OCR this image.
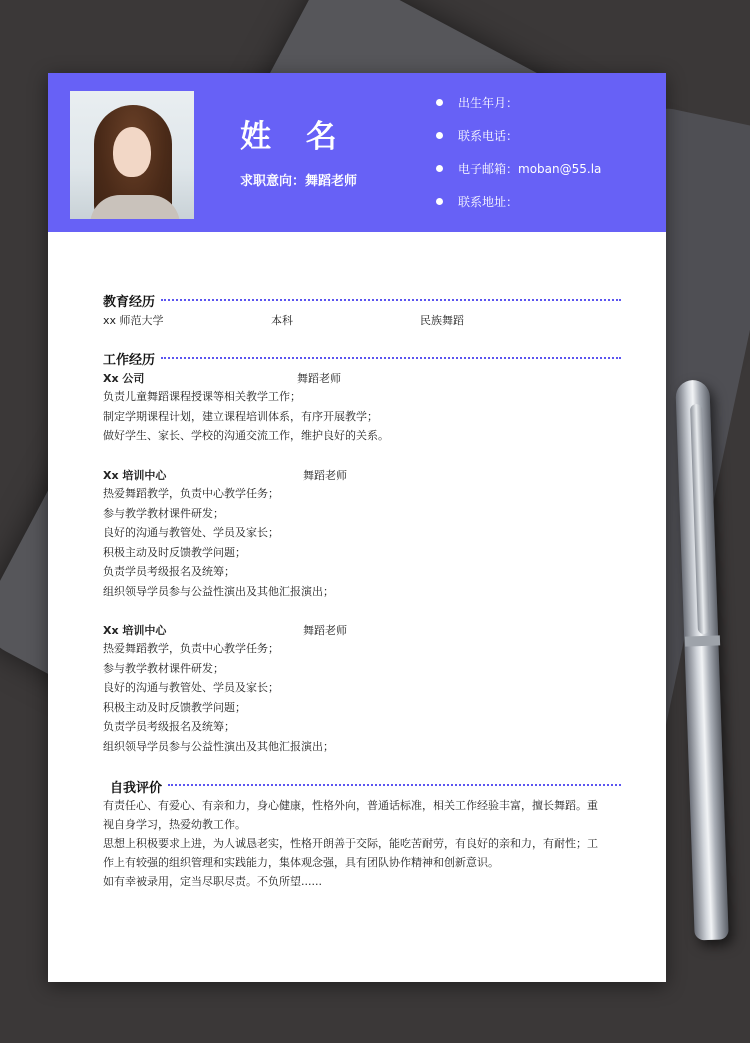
姓 名
求职意向：舞蹈老师
出生年月：
联系电话：
电子邮箱：moban@55.la
联系地址：
教育经历
xx 师范大学	本科	民族舞蹈
工作经历
Xx 公司	舞蹈老师
负责儿童舞蹈课程授课等相关教学工作；
制定学期课程计划，建立课程培训体系，有序开展教学；
做好学生、家长、学校的沟通交流工作，维护良好的关系。
Xx 培训中心	舞蹈老师
热爱舞蹈教学，负责中心教学任务；
参与教学教材课件研发；
良好的沟通与教管处、学员及家长；
积极主动及时反馈教学问题；
负责学员考级报名及统筹；
组织领导学员参与公益性演出及其他汇报演出；
Xx 培训中心	舞蹈老师
热爱舞蹈教学，负责中心教学任务；
参与教学教材课件研发；
良好的沟通与教管处、学员及家长；
积极主动及时反馈教学问题；
负责学员考级报名及统筹；
组织领导学员参与公益性演出及其他汇报演出；
自我评价
有责任心、有爱心、有亲和力，身心健康，性格外向，普通话标准，相关工作经验丰富，擅长舞蹈。重
视自身学习，热爱幼教工作。
思想上积极要求上进，为人诚恳老实，性格开朗善于交际，能吃苦耐劳，有良好的亲和力，有耐性；工
作上有较强的组织管理和实践能力，集体观念强，具有团队协作精神和创新意识。
如有幸被录用，定当尽职尽责。不负所望......
